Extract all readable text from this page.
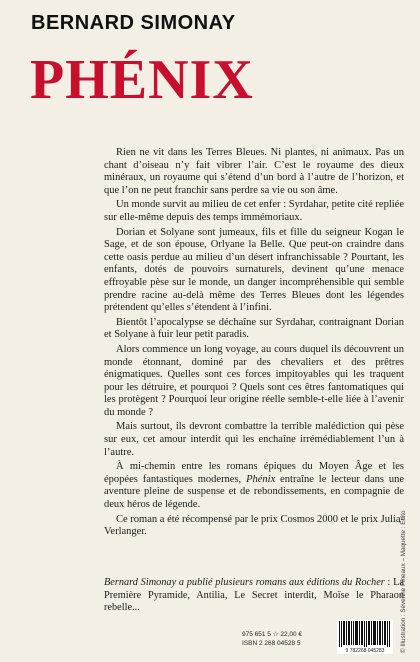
BERNARD SIMONAY
PHÉNIX

Rien ne vit dans les Terres Bleues. Ni plantes, ni animaux. Pas un chant d’oiseau n’y fait vibrer l’air. C’est le royaume des dieux minéraux, un royaume qui s’étend d’un bord à l’autre de l’horizon, et que l’on ne peut franchir sans perdre sa vie ou son âme.

Un monde survit au milieu de cet enfer : Syrdahar, petite cité repliée sur elle-même depuis des temps immémoriaux.

Dorian et Solyane sont jumeaux, fils et fille du seigneur Kogan le Sage, et de son épouse, Orlyane la Belle. Que peut-on craindre dans cette oasis perdue au milieu d’un désert infranchissable ? Pourtant, les enfants, dotés de pouvoirs surnaturels, devinent qu’une menace effroyable pèse sur le monde, un danger incompréhensible qui semble prendre racine au-delà même des Terres Bleues dont les légendes prétendent qu’elles s’étendent à l’infini.

Bientôt l’apocalypse se déchaîne sur Syrdahar, contraignant Dorian et Solyane à fuir leur petit paradis.

Alors commence un long voyage, au cours duquel ils découvrent un monde étonnant, dominé par des chevaliers et des prêtres énigmatiques. Quelles sont ces forces impitoyables qui les traquent pour les détruire, et pourquoi ? Quels sont ces êtres fantomatiques qui les protègent ? Pourquoi leur origine réelle semble-t-elle liée à l’avenir du monde ?

Mais surtout, ils devront combattre la terrible malédiction qui pèse sur eux, cet amour interdit qui les enchaîne irrémédiablement l’un à l’autre.

À mi-chemin entre les romans épiques du Moyen Âge et les épopées fantastiques modernes, Phénix entraîne le lecteur dans une aventure pleine de suspense et de rebondissements, en compagnie de deux héros de légende.

Ce roman a été récompensé par le prix Cosmos 2000 et le prix Julia-Verlanger.

Bernard Simonay a publié plusieurs romans aux éditions du Rocher : La Première Pyramide, Antilia, Le Secret interdit, Moïse le Pharaon rebelle...	© Illustration : Séverine Pineaux – Maquette : Édito
975 651 5 ☆ 22,00 €
ISBN 2 268 04528 5
9 782268 045283
